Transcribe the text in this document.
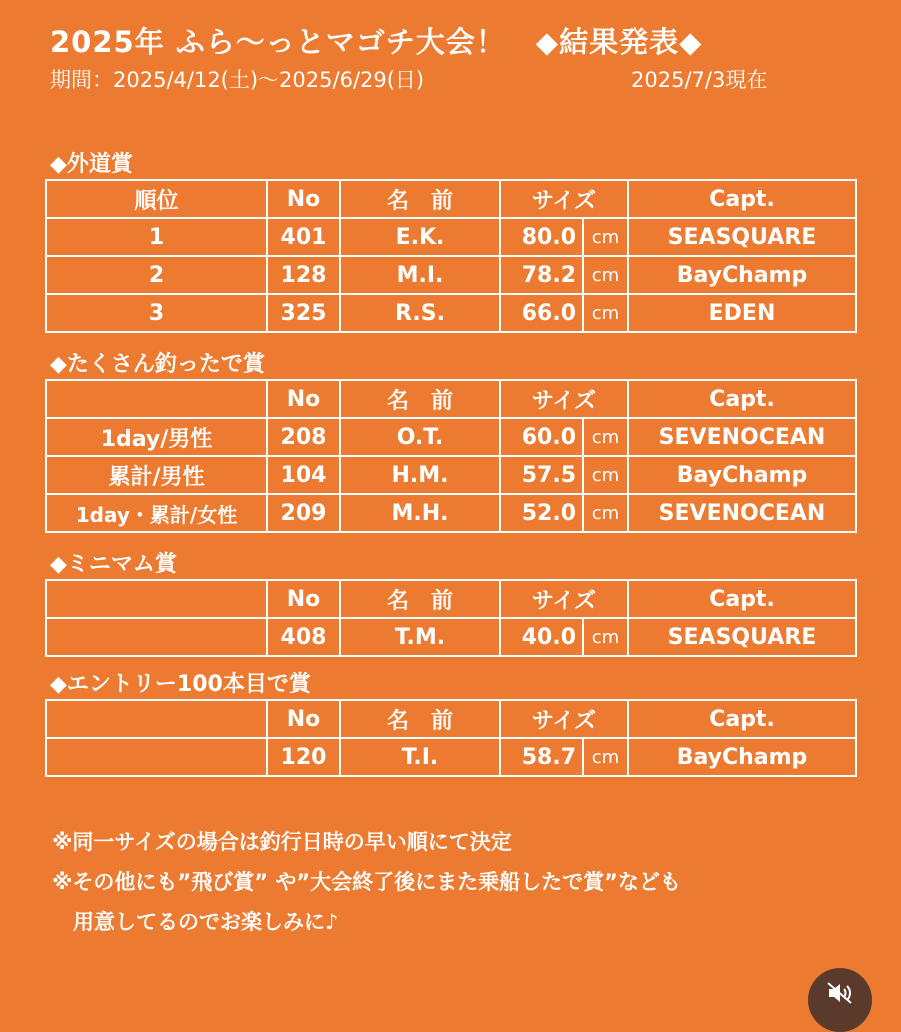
2025年 ふら〜っとマゴチ大会！　◆結果発表◆
期間：2025/4/12(土)〜2025/6/29(日)	2025/7/3現在
◆外道賞
順位	No	名　前	サイズ		Capt.
1	401	E.K.	80.0	cm	SEASQUARE
2	128	M.I.	78.2	cm	BayChamp
3	325	R.S.	66.0	cm	EDEN
◆たくさん釣ったで賞
	No	名　前	サイズ		Capt.
1day/男性	208	O.T.	60.0	cm	SEVENOCEAN
累計/男性	104	H.M.	57.5	cm	BayChamp
1day・累計/女性	209	M.H.	52.0	cm	SEVENOCEAN
◆ミニマム賞
	No	名　前	サイズ		Capt.
	408	T.M.	40.0	cm	SEASQUARE
◆エントリー100本目で賞
	No	名　前	サイズ		Capt.
	120	T.I.	58.7	cm	BayChamp
※同一サイズの場合は釣行日時の早い順にて決定
※その他にも”飛び賞” や”大会終了後にまた乗船したで賞”なども
　用意してるのでお楽しみに♪
